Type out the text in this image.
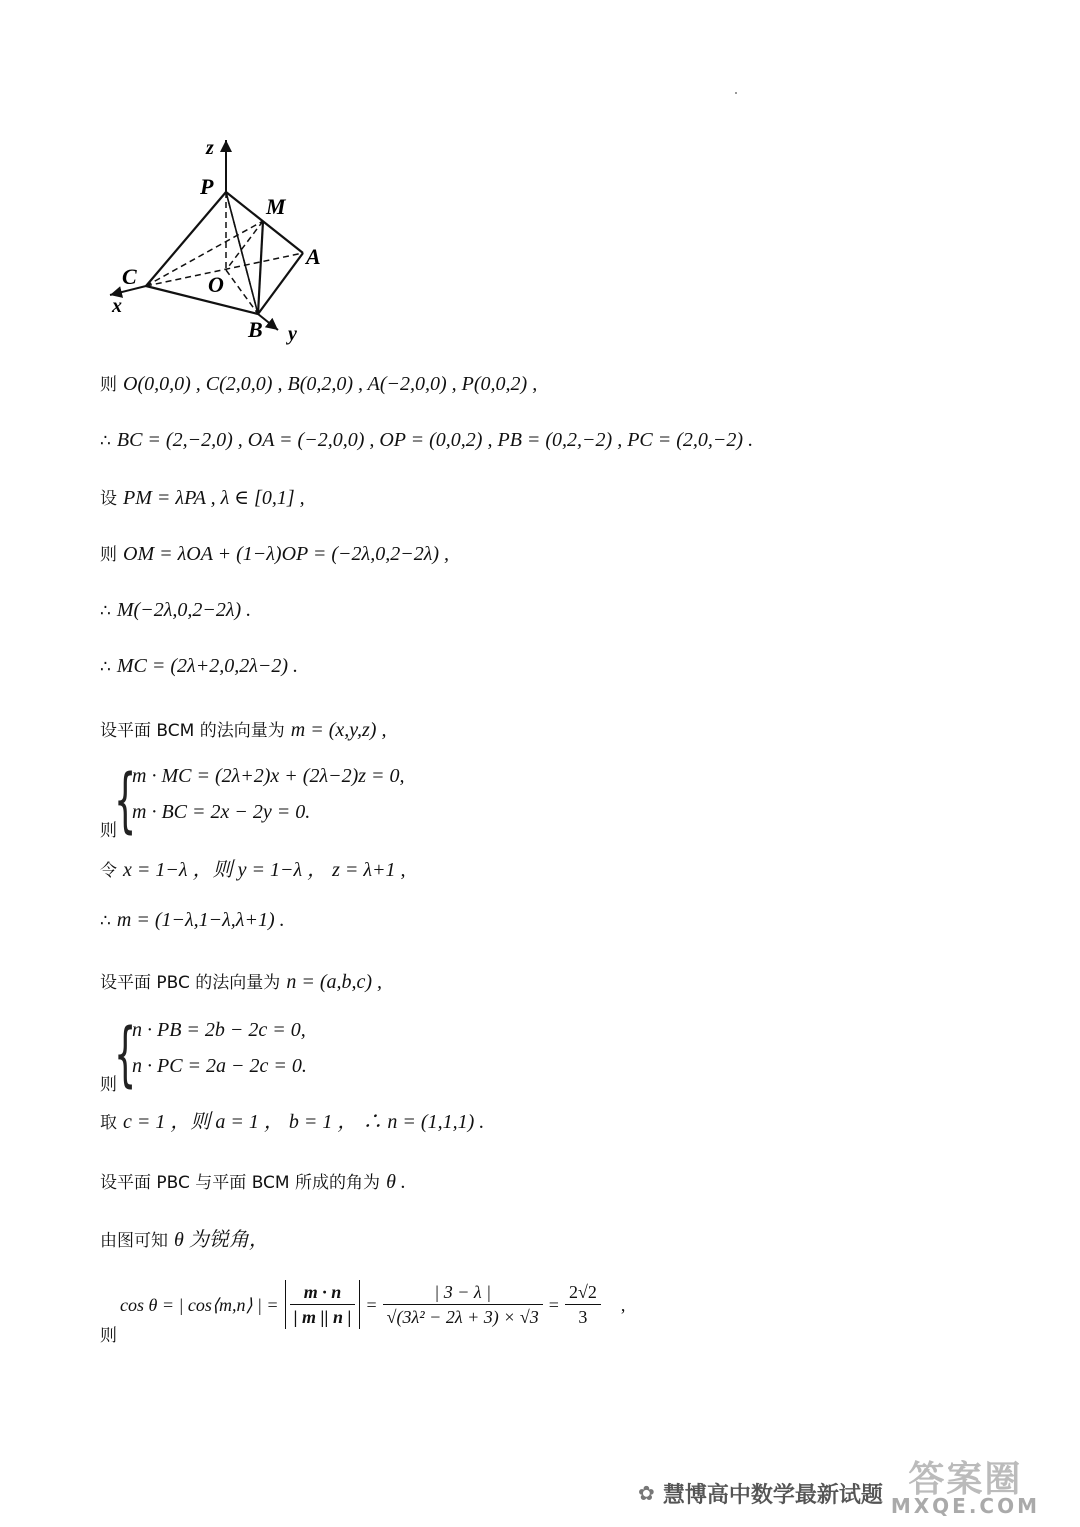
z
P
M
A
C	O
x
B y
则 O(0,0,0) , C(2,0,0) , B(0,2,0) , A(−2,0,0) , P(0,0,2) ,
∴ BC = (2,−2,0) , OA = (−2,0,0) , OP = (0,0,2) , PB = (0,2,−2) , PC = (2,0,−2) .
设 PM = λPA , λ ∈ [0,1] ,
则 OM = λOA + (1−λ)OP = (−2λ,0,2−2λ) ,
∴ M(−2λ,0,2−2λ) .
∴ MC = (2λ+2,0,2λ−2) .
设平面 BCM 的法向量为 m = (x,y,z) ,
则
{
m · MC = (2λ+2)x + (2λ−2)z = 0,
m · BC = 2x − 2y = 0.
令 x = 1−λ ，则 y = 1−λ ， z = λ+1 ,
∴ m = (1−λ,1−λ,λ+1) .
设平面 PBC 的法向量为 n = (a,b,c) ,
则
{
n · PB = 2b − 2c = 0,
n · PC = 2a − 2c = 0.
取 c = 1 ，则 a = 1 ， b = 1 ， ∴ n = (1,1,1) .
设平面 PBC 与平面 BCM 所成的角为 θ .
由图可知 θ 为锐角，
则
cos θ = | cos⟨m,n⟩ | = $\frac{m \cdot n}{| m || n |} = \frac{| 3 - \lambda |}{\text{√(3λ² − 2λ + 3) × √3}} = \frac{2√2}{3}$ ,
✿ 慧博高中数学最新试题 答案圈
MXQE.COM
